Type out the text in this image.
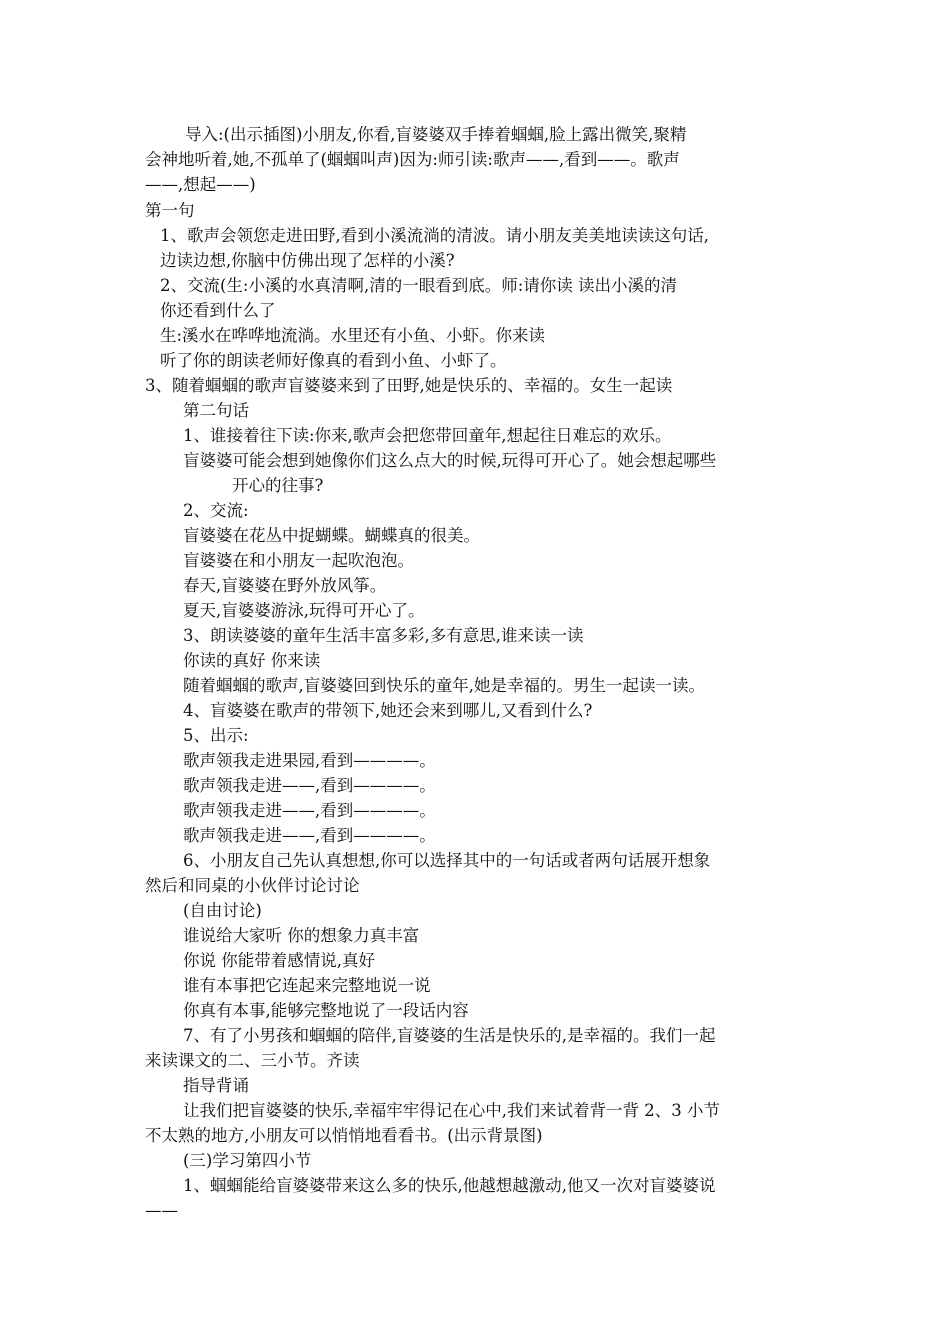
导入:(出示插图)小朋友,你看,盲婆婆双手捧着蝈蝈,脸上露出微笑,聚精
会神地听着,她,不孤单了(蝈蝈叫声)因为:师引读:歌声——,看到——。歌声
——,想起——)
第一句
1、歌声会领您走进田野,看到小溪流淌的清波。请小朋友美美地读读这句话,
边读边想,你脑中仿佛出现了怎样的小溪?
2、交流(生:小溪的水真清啊,清的一眼看到底。师:请你读 读出小溪的清
你还看到什么了
生:溪水在哗哗地流淌。水里还有小鱼、小虾。你来读
听了你的朗读老师好像真的看到小鱼、小虾了。
3、随着蝈蝈的歌声盲婆婆来到了田野,她是快乐的、幸福的。女生一起读
第二句话
1、谁接着往下读:你来,歌声会把您带回童年,想起往日难忘的欢乐。
盲婆婆可能会想到她像你们这么点大的时候,玩得可开心了。她会想起哪些
开心的往事?
2、交流:
盲婆婆在花丛中捉蝴蝶。蝴蝶真的很美。
盲婆婆在和小朋友一起吹泡泡。
春天,盲婆婆在野外放风筝。
夏天,盲婆婆游泳,玩得可开心了。
3、朗读婆婆的童年生活丰富多彩,多有意思,谁来读一读
你读的真好 你来读
随着蝈蝈的歌声,盲婆婆回到快乐的童年,她是幸福的。男生一起读一读。
4、盲婆婆在歌声的带领下,她还会来到哪儿,又看到什么?
5、出示:
歌声领我走进果园,看到————。
歌声领我走进——,看到————。
歌声领我走进——,看到————。
歌声领我走进——,看到————。
6、小朋友自己先认真想想,你可以选择其中的一句话或者两句话展开想象
然后和同桌的小伙伴讨论讨论
(自由讨论)
谁说给大家听 你的想象力真丰富
你说 你能带着感情说,真好
谁有本事把它连起来完整地说一说
你真有本事,能够完整地说了一段话内容
7、有了小男孩和蝈蝈的陪伴,盲婆婆的生活是快乐的,是幸福的。我们一起
来读课文的二、三小节。齐读
指导背诵
让我们把盲婆婆的快乐,幸福牢牢得记在心中,我们来试着背一背 2、3 小节
不太熟的地方,小朋友可以悄悄地看看书。(出示背景图)
(三)学习第四小节
1、蝈蝈能给盲婆婆带来这么多的快乐,他越想越激动,他又一次对盲婆婆说
——
